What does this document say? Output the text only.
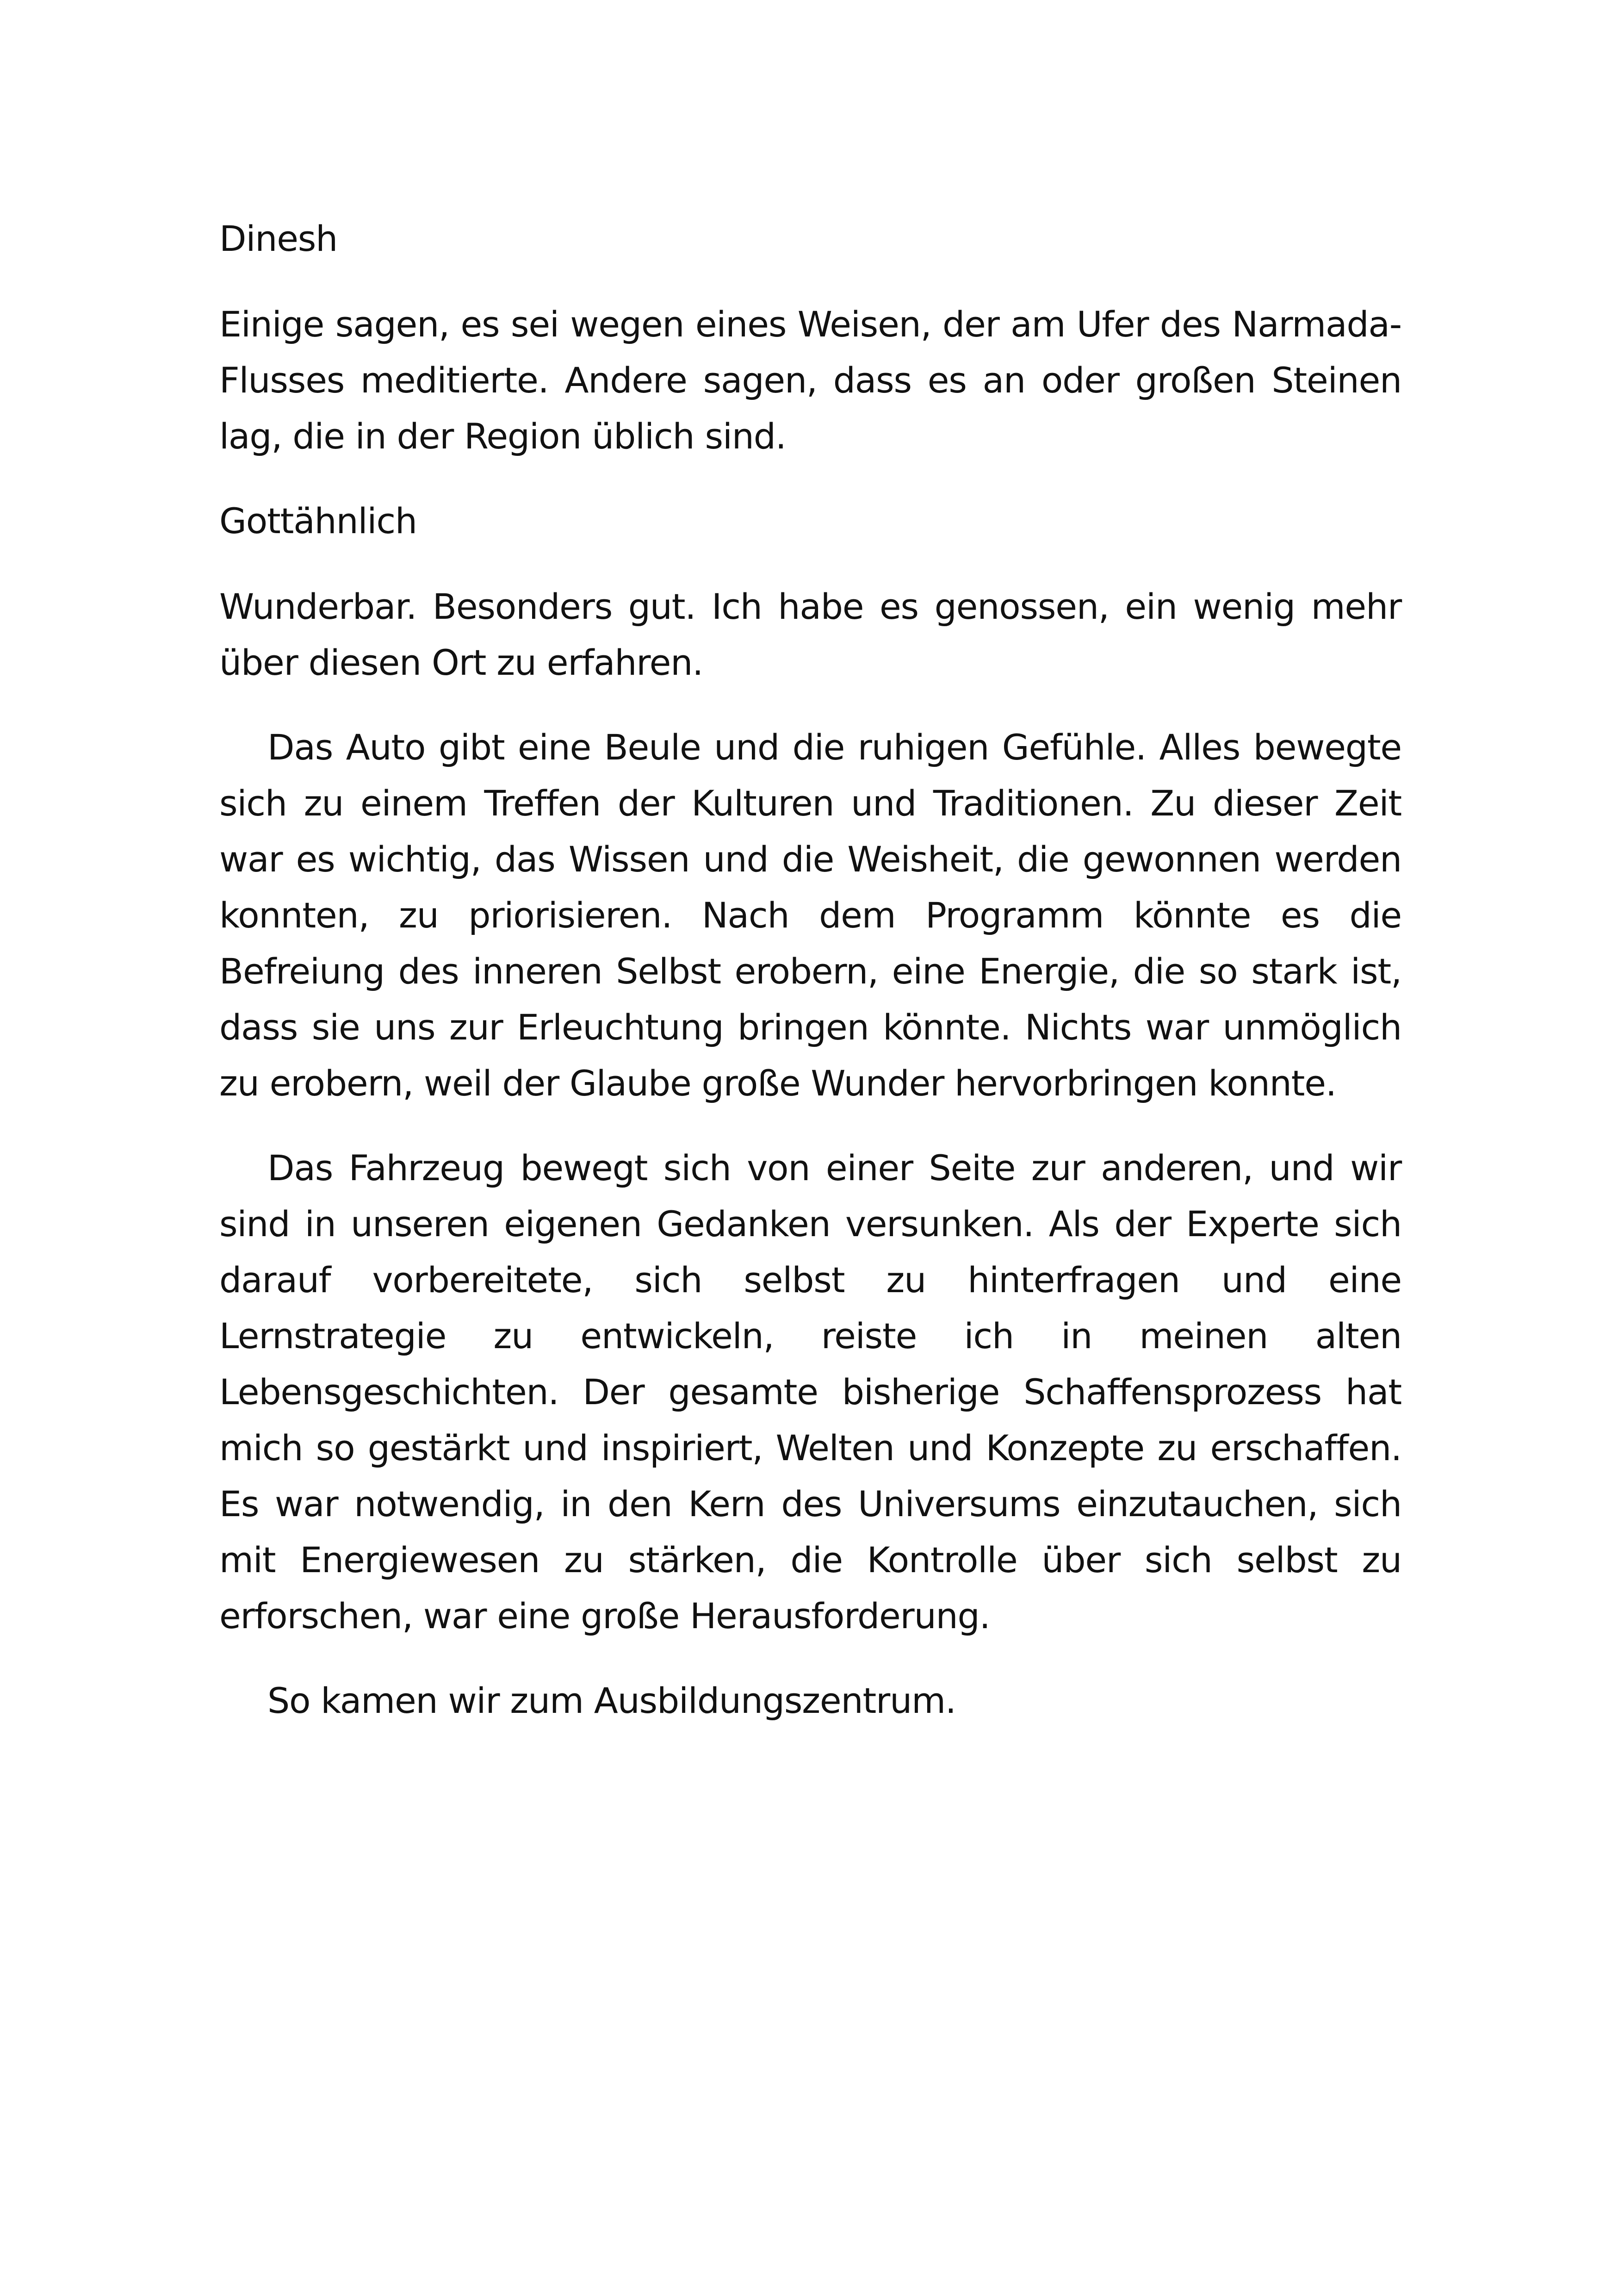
Dinesh

Einige sagen, es sei wegen eines Weisen, der am Ufer des Narmada-Flusses meditierte. Andere sagen, dass es an oder großen Steinen lag, die in der Region üblich sind.

Gottähnlich

Wunderbar. Besonders gut. Ich habe es genossen, ein wenig mehr über diesen Ort zu erfahren.

Das Auto gibt eine Beule und die ruhigen Gefühle. Alles bewegte sich zu einem Treffen der Kulturen und Traditionen. Zu dieser Zeit war es wichtig, das Wissen und die Weisheit, die gewonnen werden konnten, zu priorisieren. Nach dem Programm könnte es die Befreiung des inneren Selbst erobern, eine Energie, die so stark ist, dass sie uns zur Erleuchtung bringen könnte. Nichts war unmöglich zu erobern, weil der Glaube große Wunder hervorbringen konnte.

Das Fahrzeug bewegt sich von einer Seite zur anderen, und wir sind in unseren eigenen Gedanken versunken. Als der Experte sich darauf vorbereitete, sich selbst zu hinterfragen und eine Lernstrategie zu entwickeln, reiste ich in meinen alten Lebensgeschichten. Der gesamte bisherige Schaffensprozess hat mich so gestärkt und inspiriert, Welten und Konzepte zu erschaffen. Es war notwendig, in den Kern des Universums einzutauchen, sich mit Energiewesen zu stärken, die Kontrolle über sich selbst zu erforschen, war eine große Herausforderung.

So kamen wir zum Ausbildungszentrum.
